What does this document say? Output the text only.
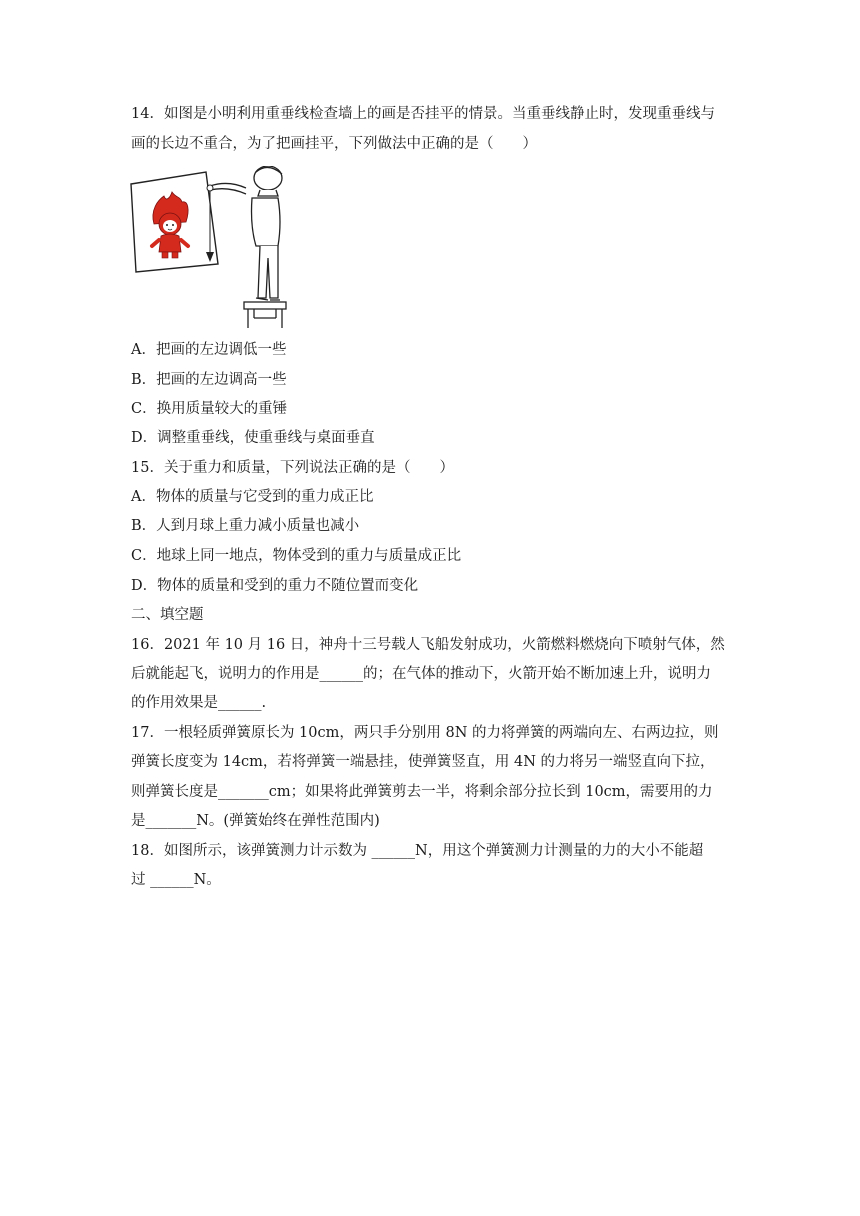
14．如图是小明利用重垂线检查墙上的画是否挂平的情景。当重垂线静止时，发现重垂线与
画的长边不重合，为了把画挂平，下列做法中正确的是（　　）
A．把画的左边调低一些
B．把画的左边调高一些
C．换用质量较大的重锤
D．调整重垂线，使重垂线与桌面垂直
15．关于重力和质量，下列说法正确的是（　　）
A．物体的质量与它受到的重力成正比
B．人到月球上重力减小质量也减小
C．地球上同一地点，物体受到的重力与质量成正比
D．物体的质量和受到的重力不随位置而变化
二、填空题
16．2021 年 10 月 16 日，神舟十三号载人飞船发射成功，火箭燃料燃烧向下喷射气体，然
后就能起飞，说明力的作用是______的；在气体的推动下，火箭开始不断加速上升，说明力
的作用效果是______.
17．一根轻质弹簧原长为 10cm，两只手分别用 8N 的力将弹簧的两端向左、右两边拉，则
弹簧长度变为 14cm，若将弹簧一端悬挂，使弹簧竖直，用 4N 的力将另一端竖直向下拉，
则弹簧长度是_______cm；如果将此弹簧剪去一半，将剩余部分拉长到 10cm，需要用的力
是_______N。(弹簧始终在弹性范围内)
18．如图所示，该弹簧测力计示数为 ______N，用这个弹簧测力计测量的力的大小不能超
过 ______N。
